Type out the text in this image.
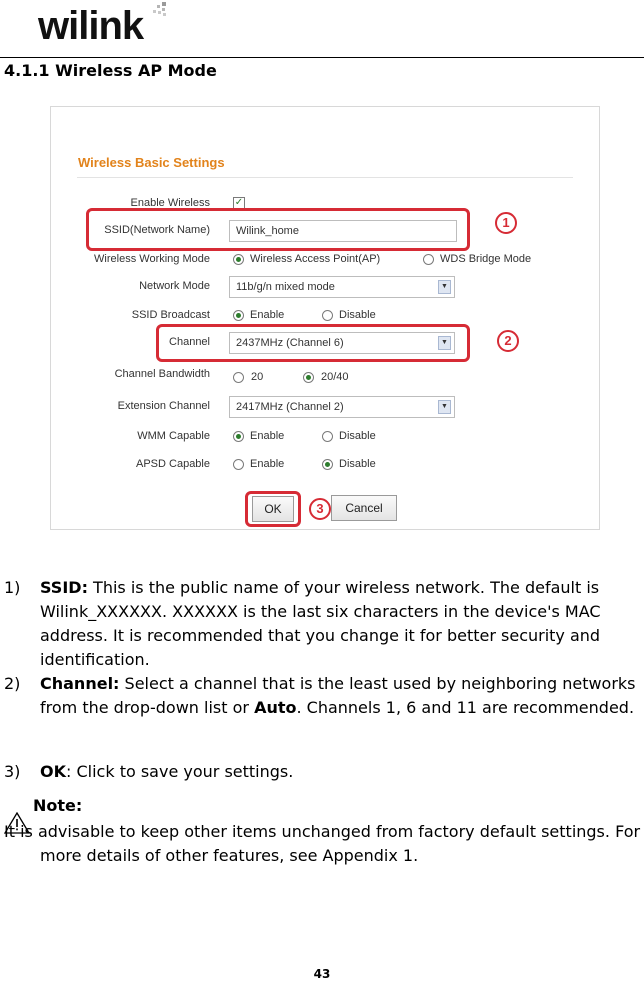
wilink
4.1.1 Wireless AP Mode
Wireless Basic Settings
Enable Wireless ✓
SSID(Network Name)	Wilink_home
Wireless Working Mode	Wireless Access Point(AP)	WDS Bridge Mode
Network Mode	11b/g/n mixed mode	▼
SSID Broadcast	Enable	Disable
Channel	2437MHz (Channel 6)	▼
Channel Bandwidth	20	20/40
Extension Channel	2417MHz (Channel 2)	▼
WMM Capable	Enable	Disable
APSD Capable	Enable	Disable
1
2
OK	3	Cancel
1) SSID: This is the public name of your wireless network. The default is Wilink_XXXXXX. XXXXXX is the last six characters in the device's MAC address. It is recommended that you change it for better security and identification.
2) Channel: Select a channel that is the least used by neighboring networks from the drop-down list or Auto. Channels 1, 6 and 11 are recommended.
3) OK: Click to save your settings.
Note:
It is advisable to keep other items unchanged from factory default settings. For more details of other features, see Appendix 1.
43
